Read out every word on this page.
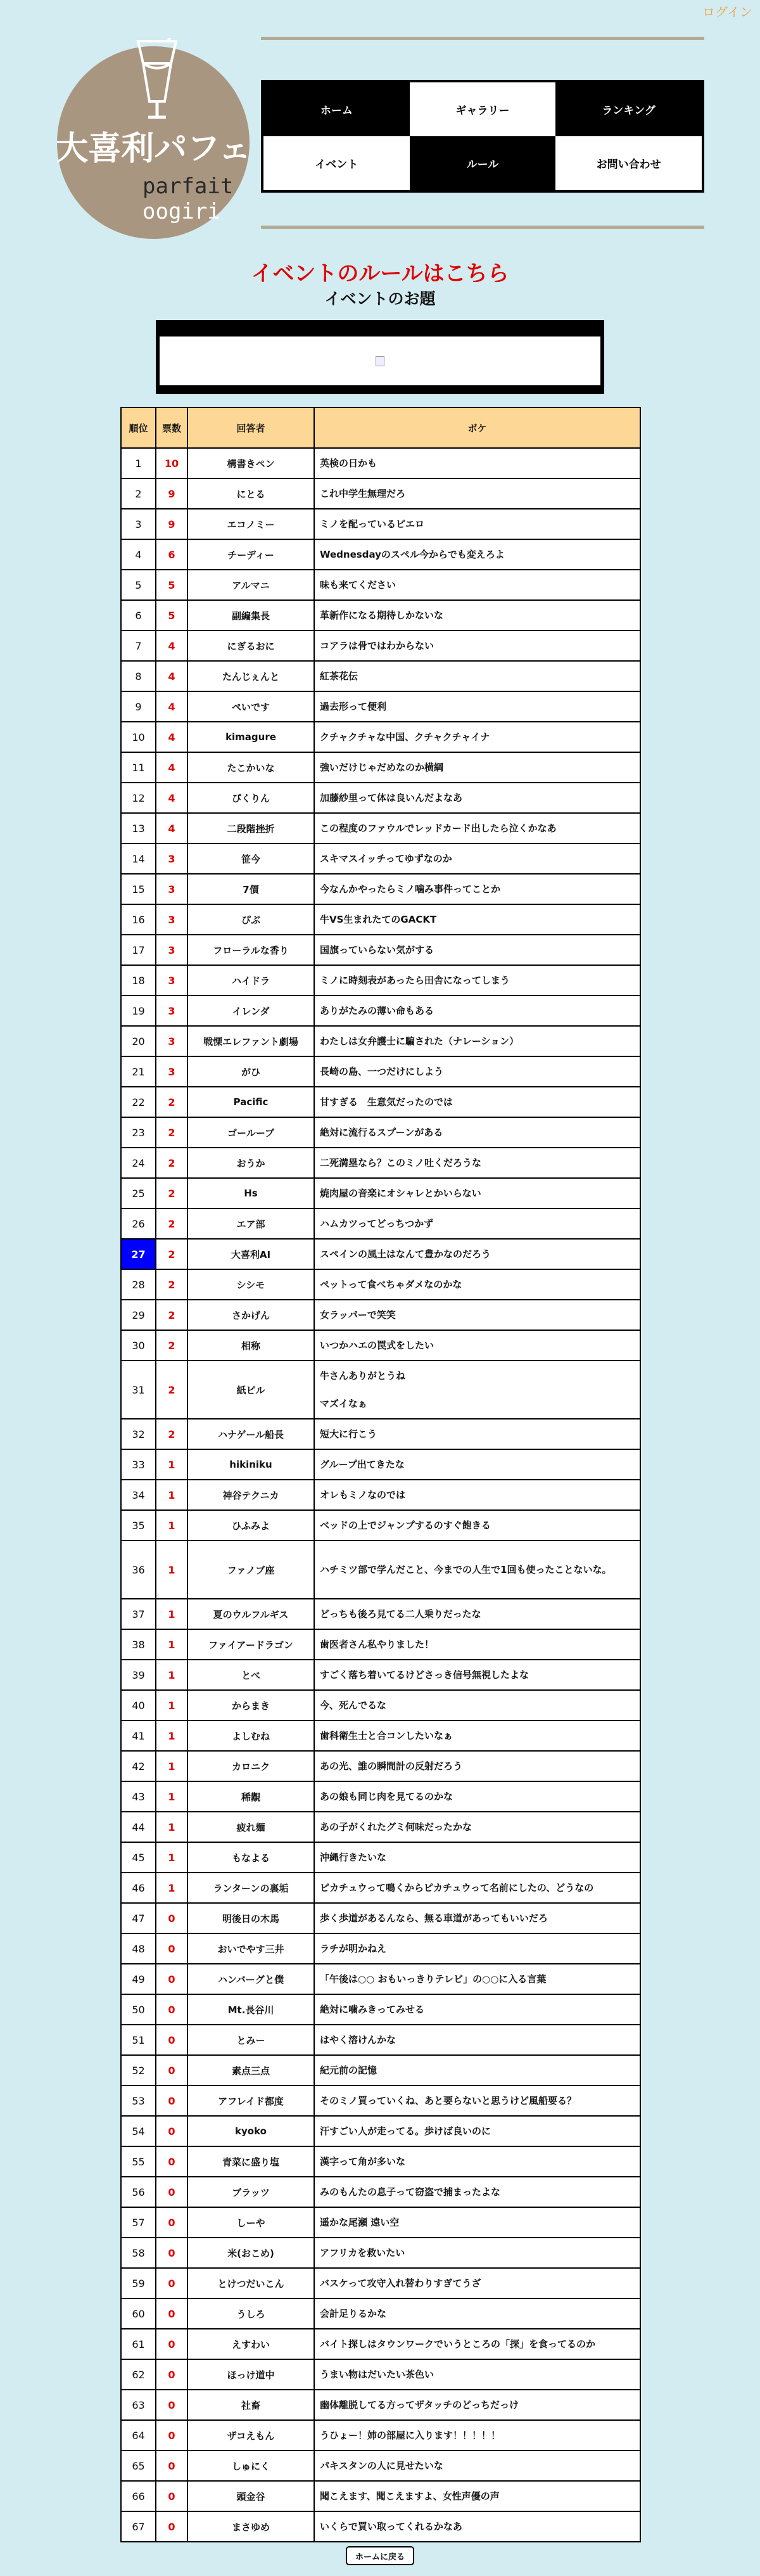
ログイン
大喜利パフェ
parfait
oogiri
ホーム	ギャラリー	ランキング
イベント	ルール	お問い合わせ
イベントのルールはこちら
イベントのお題
順位	票数	回答者	ボケ
1	10	構書きペン	英検の日かも
2	9	にとる	これ中学生無理だろ
3	9	エコノミー	ミノを配っているピエロ
4	6	チーディー	Wednesdayのスペル今からでも変えろよ
5	5	アルマニ	味も来てください
6	5	副編集長	革新作になる期待しかないな
7	4	にぎるおに	コアラは骨ではわからない
8	4	たんじぇんと	紅茶花伝
9	4	ぺいです	過去形って便利
10	4	kimagure	クチャクチャな中国、クチャクチャイナ
11	4	たこかいな	強いだけじゃだめなのか横綱
12	4	ぴくりん	加藤紗里って体は良いんだよなあ
13	4	二段階挫折	この程度のファウルでレッドカード出したら泣くかなあ
14	3	笹今	スキマスイッチってゆずなのか
15	3	7價	今なんかやったらミノ噛み事件ってことか
16	3	ぴぶ	牛VS生まれたてのGACKT
17	3	フローラルな香り	国旗っていらない気がする
18	3	ハイドラ	ミノに時刻表があったら田舎になってしまう
19	3	イレンダ	ありがたみの薄い命もある
20	3	戦慄エレファント劇場	わたしは女弁護士に騙された（ナレーション）
21	3	がひ	長崎の島、一つだけにしよう
22	2	Pacific	甘すぎる　生意気だったのでは
23	2	ゴールーブ	絶対に流行るスプーンがある
24	2	おうか	二死満塁なら？このミノ吐くだろうな
25	2	Hs	焼肉屋の音楽にオシャレとかいらない
26	2	エア部	ハムカツってどっちつかず
27	2	大喜利AI	スペインの風土はなんて豊かなのだろう
28	2	シシモ	ペットって食べちゃダメなのかな
29	2	さかげん	女ラッパーで笑笑
30	2	相称	いつかハエの罠式をしたい
31	2	紙ピル	牛さんありがとうね
マズイなぁ

32	2	ハナゲール船長	短大に行こう
33	1	hikiniku	グループ出てきたな
34	1	神谷テクニカ	オレもミノなのでは
35	1	ひふみよ	ベッドの上でジャンプするのすぐ飽きる
36	1	ファノブ座	ハチミツ部で学んだこと、今までの人生で1回も使ったことないな。
37	1	夏のウルフルギス	どっちも後ろ見てる二人乗りだったな
38	1	ファイアードラゴン	歯医者さん私やりました！
39	1	とべ	すごく落ち着いてるけどさっき信号無視したよな
40	1	からまき	今、死んでるな
41	1	よしむね	歯科衛生士と合コンしたいなぁ
42	1	カロニク	あの光、誰の瞬間計の反射だろう
43	1	稀覯	あの娘も同じ肉を見てるのかな
44	1	疲れ麺	あの子がくれたグミ何味だったかな
45	1	もなよる	沖縄行きたいな
46	1	ランターンの裏垢	ピカチュウって鳴くからピカチュウって名前にしたの、どうなの
47	0	明後日の木馬	歩く歩道があるんなら、無る車道があってもいいだろ
48	0	おいでやす三井	ラチが明かねえ
49	0	ハンバーグと僕	「午後は○○ おもいっきりテレビ」の○○に入る言葉
50	0	Mt.長谷川	絶対に噛みきってみせる
51	0	とみー	はやく溶けんかな
52	0	素点三点	紀元前の記憶
53	0	アフレイド都度	そのミノ買っていくね、あと要らないと思うけど風船要る？
54	0	kyoko	汗すごい人が走ってる。歩けば良いのに
55	0	青菜に盛り塩	漢字って角が多いな
56	0	ブラッツ	みのもんたの息子って窃盗で捕まったよな
57	0	しーや	遥かな尾瀬 遠い空
58	0	米(おこめ)	アフリカを救いたい
59	0	とけつだいこん	バスケって攻守入れ替わりすぎてうざ
60	0	うしろ	会計足りるかな
61	0	えすわい	バイト探しはタウンワークでいうところの「探」を食ってるのか
62	0	ほっけ道中	うまい物はだいたい茶色い
63	0	社畜	幽体離脱してる方ってザタッチのどっちだっけ
64	0	ザコえもん	うひょー！姉の部屋に入ります！！！！！
65	0	しゅにく	パキスタンの人に見せたいな
66	0	頭金谷	聞こえます、聞こえますよ、女性声優の声
67	0	まさゆめ	いくらで買い取ってくれるかなあ
ホームに戻る
